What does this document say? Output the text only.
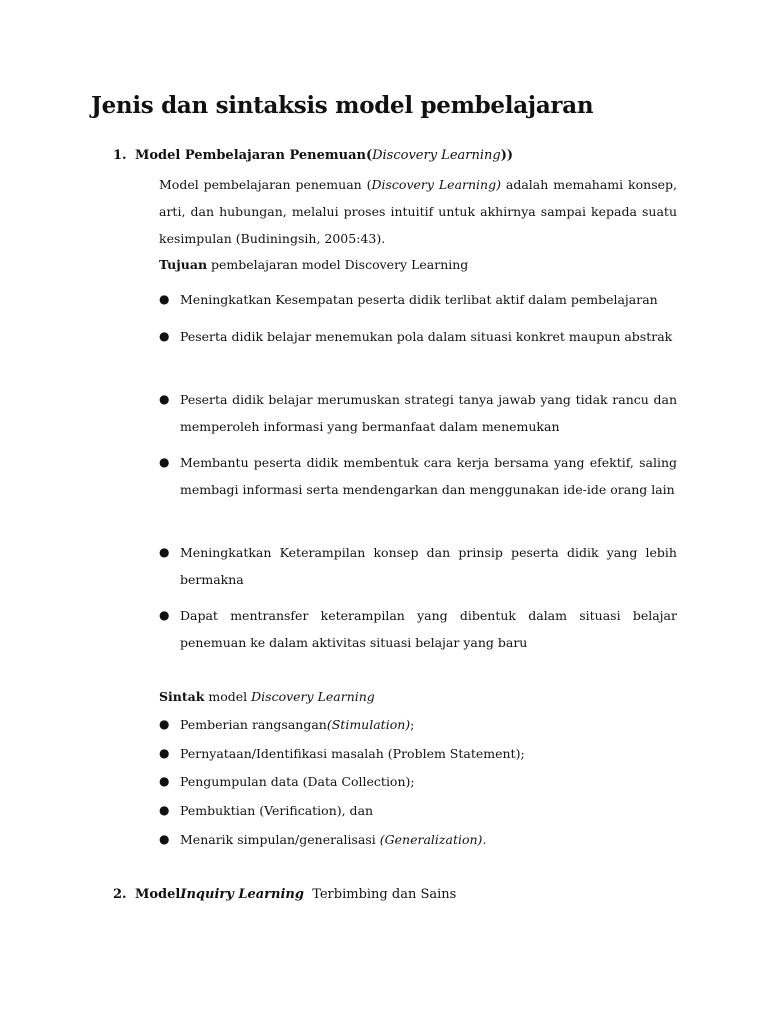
Jenis dan sintaksis model pembelajaran
1. Model Pembelajaran Penemuan(Discovery Learning))

Model pembelajaran penemuan (Discovery Learning) adalah memahami konsep, arti, dan hubungan, melalui proses intuitif untuk akhirnya sampai kepada suatu kesimpulan (Budiningsih, 2005:43).

Tujuan pembelajaran model Discovery Learning
● Meningkatkan Kesempatan peserta didik terlibat aktif dalam pembelajaran
● Peserta didik belajar menemukan pola dalam situasi konkret maupun abstrak
● Peserta didik belajar merumuskan strategi tanya jawab yang tidak rancu dan memperoleh informasi yang bermanfaat dalam menemukan
● Membantu peserta didik membentuk cara kerja bersama yang efektif, saling membagi informasi serta mendengarkan dan menggunakan ide-ide orang lain
● Meningkatkan Keterampilan konsep dan prinsip peserta didik yang lebih bermakna
● Dapat mentransfer keterampilan yang dibentuk dalam situasi belajar penemuan ke dalam aktivitas situasi belajar yang baru
Sintak model Discovery Learning
● Pemberian rangsangan(Stimulation);
● Pernyataan/Identifikasi masalah (Problem Statement);
● Pengumpulan data (Data Collection);
● Pembuktian (Verification), dan
● Menarik simpulan/generalisasi (Generalization).
2. ModelInquiry Learning  Terbimbing dan Sains
